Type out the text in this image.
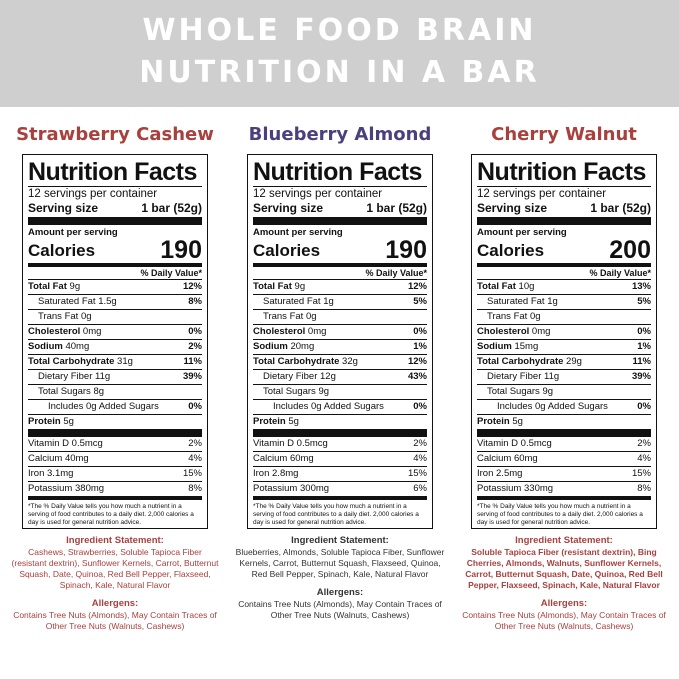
WHOLE FOOD BRAIN
NUTRITION IN A BAR
Strawberry Cashew
Nutrition Facts
12 servings per container
Serving size	1 bar (52g)
Amount per serving
Calories	190
% Daily Value*
Total Fat 9g	12%
Saturated Fat 1.5g	8%
Trans Fat 0g
Cholesterol 0mg	0%
Sodium 40mg	2%
Total Carbohydrate 31g	11%
Dietary Fiber 11g	39%
Total Sugars 8g
Includes 0g Added Sugars	0%
Protein 5g
Vitamin D 0.5mcg	2%
Calcium 40mg	4%
Iron 3.1mg	15%
Potassium 380mg	8%
*The % Daily Value tells you how much a nutrient in a serving of food contributes to a daily diet. 2,000 calories a day is used for general nutrition advice.
Ingredient Statement:
Cashews, Strawberries, Soluble Tapioca Fiber (resistant dextrin), Sunflower Kernels, Carrot, Butternut Squash, Date, Quinoa, Red Bell Pepper, Flaxseed, Spinach, Kale, Natural Flavor
Allergens:
Contains Tree Nuts (Almonds), May Contain Traces of Other Tree Nuts (Walnuts, Cashews)
Blueberry Almond
Nutrition Facts
12 servings per container
Serving size	1 bar (52g)
Amount per serving
Calories	190
% Daily Value*
Total Fat 9g	12%
Saturated Fat 1g	5%
Trans Fat 0g
Cholesterol 0mg	0%
Sodium 20mg	1%
Total Carbohydrate 32g	12%
Dietary Fiber 12g	43%
Total Sugars 9g
Includes 0g Added Sugars	0%
Protein 5g
Vitamin D 0.5mcg	2%
Calcium 60mg	4%
Iron 2.8mg	15%
Potassium 300mg	6%
*The % Daily Value tells you how much a nutrient in a serving of food contributes to a daily diet. 2,000 calories a day is used for general nutrition advice.
Ingredient Statement:
Blueberries, Almonds, Soluble Tapioca Fiber, Sunflower Kernels, Carrot, Butternut Squash, Flaxseed, Quinoa, Red Bell Pepper, Spinach, Kale, Natural Flavor
Allergens:
Contains Tree Nuts (Almonds), May Contain Traces of Other Tree Nuts (Walnuts, Cashews)
Cherry Walnut
Nutrition Facts
12 servings per container
Serving size	1 bar (52g)
Amount per serving
Calories	200
% Daily Value*
Total Fat 10g	13%
Saturated Fat 1g	5%
Trans Fat 0g
Cholesterol 0mg	0%
Sodium 15mg	1%
Total Carbohydrate 29g	11%
Dietary Fiber 11g	39%
Total Sugars 9g
Includes 0g Added Sugars	0%
Protein 5g
Vitamin D 0.5mcg	2%
Calcium 60mg	4%
Iron 2.5mg	15%
Potassium 330mg	8%
*The % Daily Value tells you how much a nutrient in a serving of food contributes to a daily diet. 2,000 calories a day is used for general nutrition advice.
Ingredient Statement:
Soluble Tapioca Fiber (resistant dextrin), Bing Cherries, Almonds, Walnuts, Sunflower Kernels, Carrot, Butternut Squash, Date, Quinoa, Red Bell Pepper, Flaxseed, Spinach, Kale, Natural Flavor
Allergens:
Contains Tree Nuts (Almonds), May Contain Traces of Other Tree Nuts (Walnuts, Cashews)
